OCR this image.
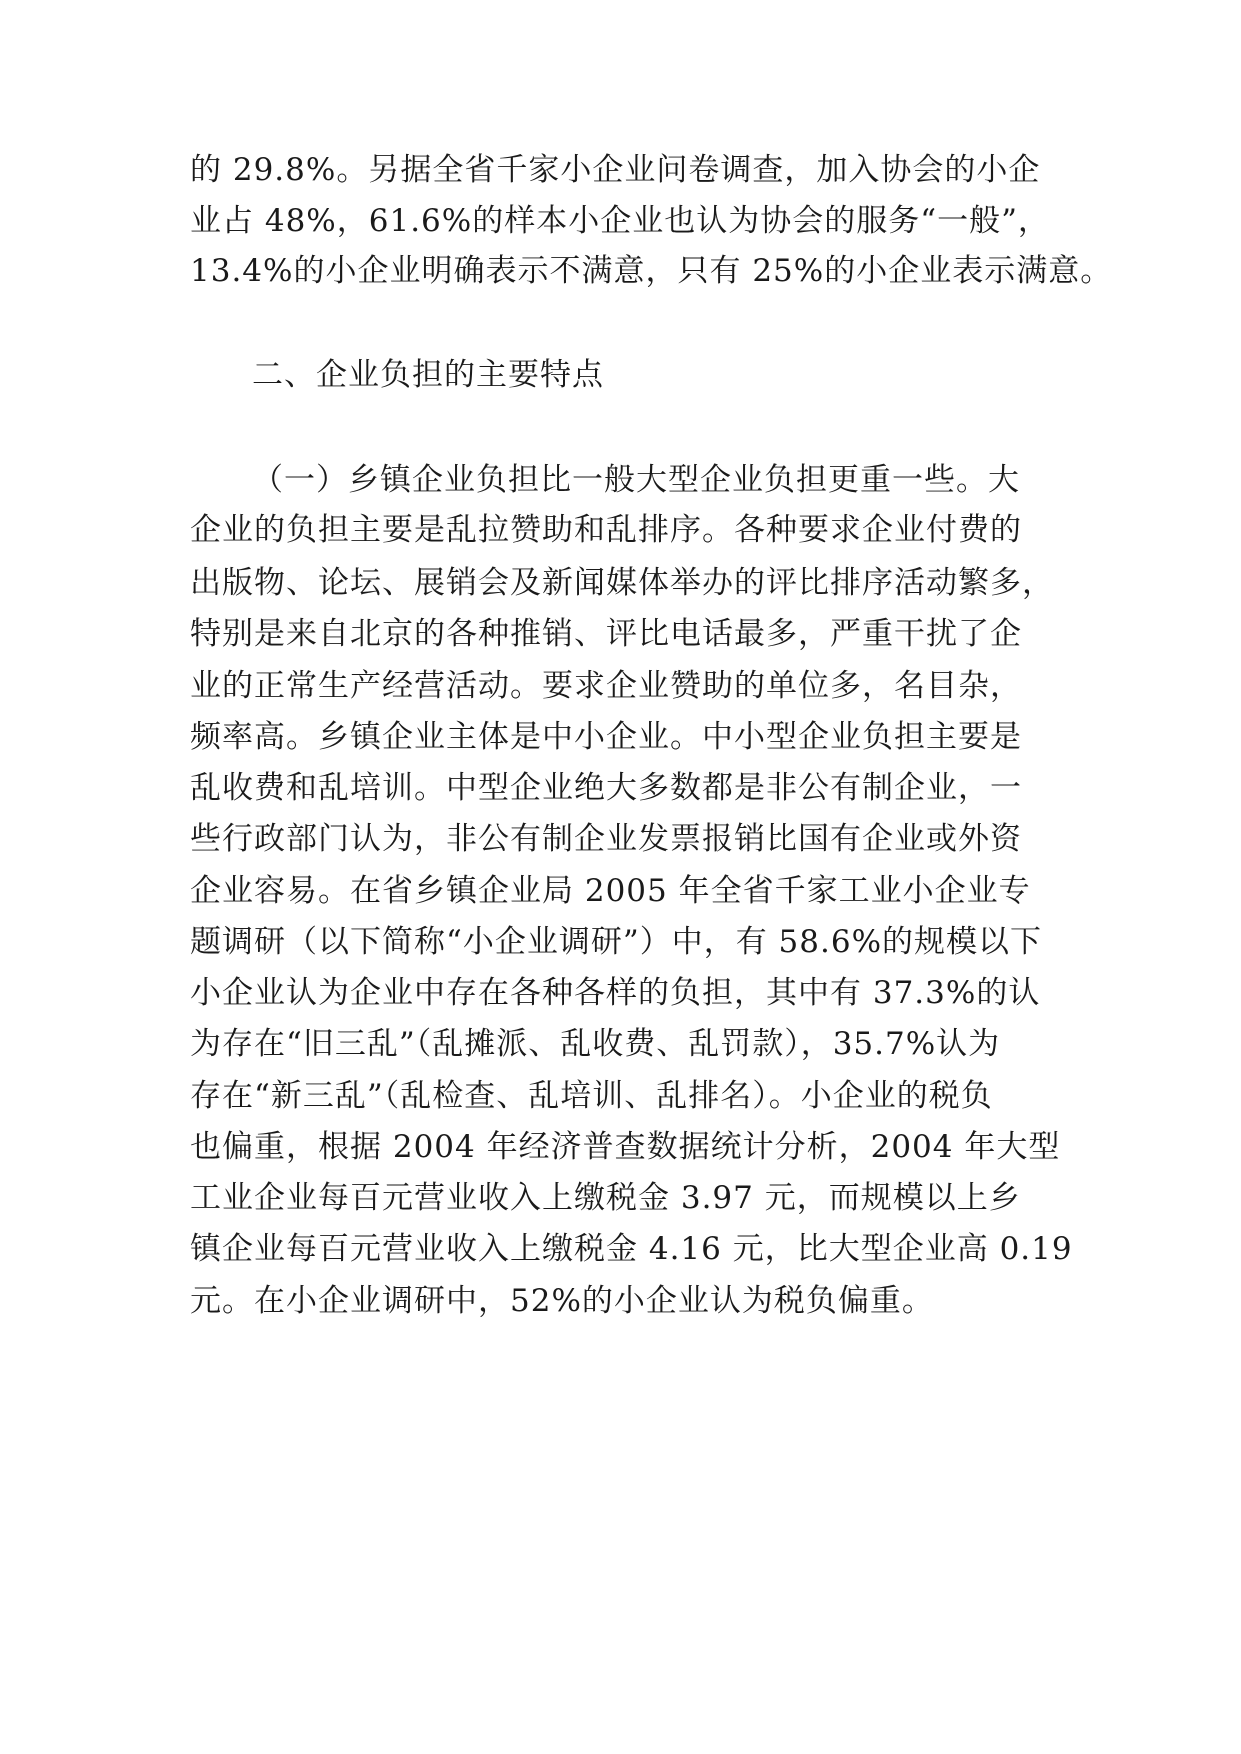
的 29.8%。另据全省千家小企业问卷调查，加入协会的小企
业占 48%，61.6%的样本小企业也认为协会的服务“一般”，
13.4%的小企业明确表示不满意，只有 25%的小企业表示满意。
二、企业负担的主要特点
（一）乡镇企业负担比一般大型企业负担更重一些。大
企业的负担主要是乱拉赞助和乱排序。各种要求企业付费的
出版物、论坛、展销会及新闻媒体举办的评比排序活动繁多，
特别是来自北京的各种推销、评比电话最多，严重干扰了企
业的正常生产经营活动。要求企业赞助的单位多，名目杂，
频率高。乡镇企业主体是中小企业。中小型企业负担主要是
乱收费和乱培训。中型企业绝大多数都是非公有制企业，一
些行政部门认为，非公有制企业发票报销比国有企业或外资
企业容易。在省乡镇企业局 2005 年全省千家工业小企业专
题调研（以下简称“小企业调研”）中，有 58.6%的规模以下
小企业认为企业中存在各种各样的负担，其中有 37.3%的认
为存在“旧三乱”（乱摊派、乱收费、乱罚款），35.7%认为
存在“新三乱”（乱检查、乱培训、乱排名）。小企业的税负
也偏重，根据 2004 年经济普查数据统计分析，2004 年大型
工业企业每百元营业收入上缴税金 3.97 元，而规模以上乡
镇企业每百元营业收入上缴税金 4.16 元，比大型企业高 0.19
元。在小企业调研中，52%的小企业认为税负偏重。
